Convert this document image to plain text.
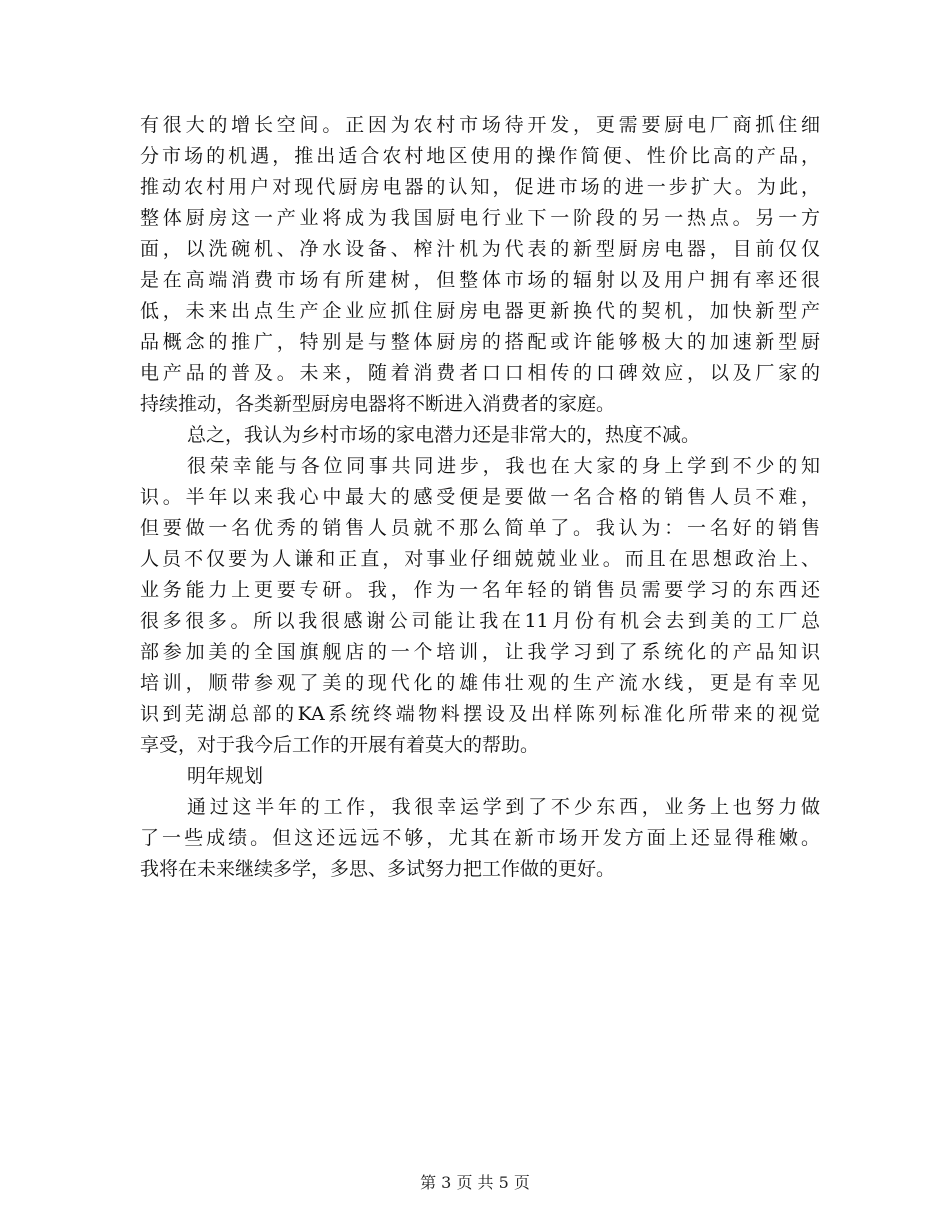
有很大的增长空间。正因为农村市场待开发，更需要厨电厂商抓住细
分市场的机遇，推出适合农村地区使用的操作简便、性价比高的产品，
推动农村用户对现代厨房电器的认知，促进市场的进一步扩大。为此，
整体厨房这一产业将成为我国厨电行业下一阶段的另一热点。另一方
面，以洗碗机、净水设备、榨汁机为代表的新型厨房电器，目前仅仅
是在高端消费市场有所建树，但整体市场的辐射以及用户拥有率还很
低，未来出点生产企业应抓住厨房电器更新换代的契机，加快新型产
品概念的推广，特别是与整体厨房的搭配或许能够极大的加速新型厨
电产品的普及。未来，随着消费者口口相传的口碑效应，以及厂家的
持续推动，各类新型厨房电器将不断进入消费者的家庭。
总之，我认为乡村市场的家电潜力还是非常大的，热度不减。
很荣幸能与各位同事共同进步，我也在大家的身上学到不少的知
识。半年以来我心中最大的感受便是要做一名合格的销售人员不难，
但要做一名优秀的销售人员就不那么简单了。我认为：一名好的销售
人员不仅要为人谦和正直，对事业仔细兢兢业业。而且在思想政治上、
业务能力上更要专研。我，作为一名年轻的销售员需要学习的东西还
很多很多。所以我很感谢公司能让我在11月份有机会去到美的工厂总
部参加美的全国旗舰店的一个培训，让我学习到了系统化的产品知识
培训，顺带参观了美的现代化的雄伟壮观的生产流水线，更是有幸见
识到芜湖总部的KA系统终端物料摆设及出样陈列标准化所带来的视觉
享受，对于我今后工作的开展有着莫大的帮助。
明年规划
通过这半年的工作，我很幸运学到了不少东西，业务上也努力做
了一些成绩。但这还远远不够，尤其在新市场开发方面上还显得稚嫩。
我将在未来继续多学，多思、多试努力把工作做的更好。
第 3 页 共 5 页
